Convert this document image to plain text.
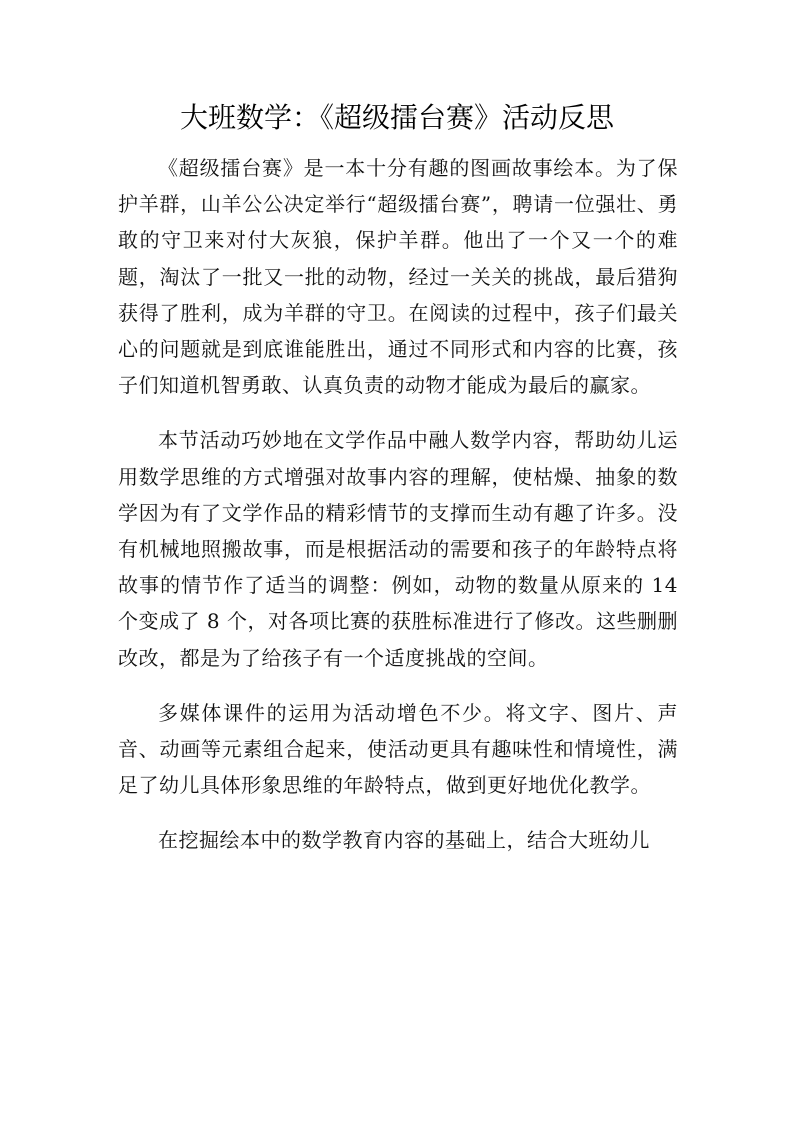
大班数学：《超级擂台赛》活动反思

《超级擂台赛》是一本十分有趣的图画故事绘本。为了保护羊群，山羊公公决定举行“超级擂台赛”，聘请一位强壮、勇敢的守卫来对付大灰狼，保护羊群。他出了一个又一个的难题，淘汰了一批又一批的动物，经过一关关的挑战，最后猎狗获得了胜利，成为羊群的守卫。在阅读的过程中，孩子们最关心的问题就是到底谁能胜出，通过不同形式和内容的比赛，孩子们知道机智勇敢、认真负责的动物才能成为最后的赢家。

本节活动巧妙地在文学作品中融人数学内容，帮助幼儿运用数学思维的方式增强对故事内容的理解，使枯燥、抽象的数学因为有了文学作品的精彩情节的支撑而生动有趣了许多。没有机械地照搬故事，而是根据活动的需要和孩子的年龄特点将故事的情节作了适当的调整：例如，动物的数量从原来的 14 个变成了 8 个，对各项比赛的获胜标准进行了修改。这些删删改改，都是为了给孩子有一个适度挑战的空间。

多媒体课件的运用为活动增色不少。将文字、图片、声音、动画等元素组合起来，使活动更具有趣味性和情境性，满足了幼儿具体形象思维的年龄特点，做到更好地优化教学。

在挖掘绘本中的数学教育内容的基础上，结合大班幼儿
